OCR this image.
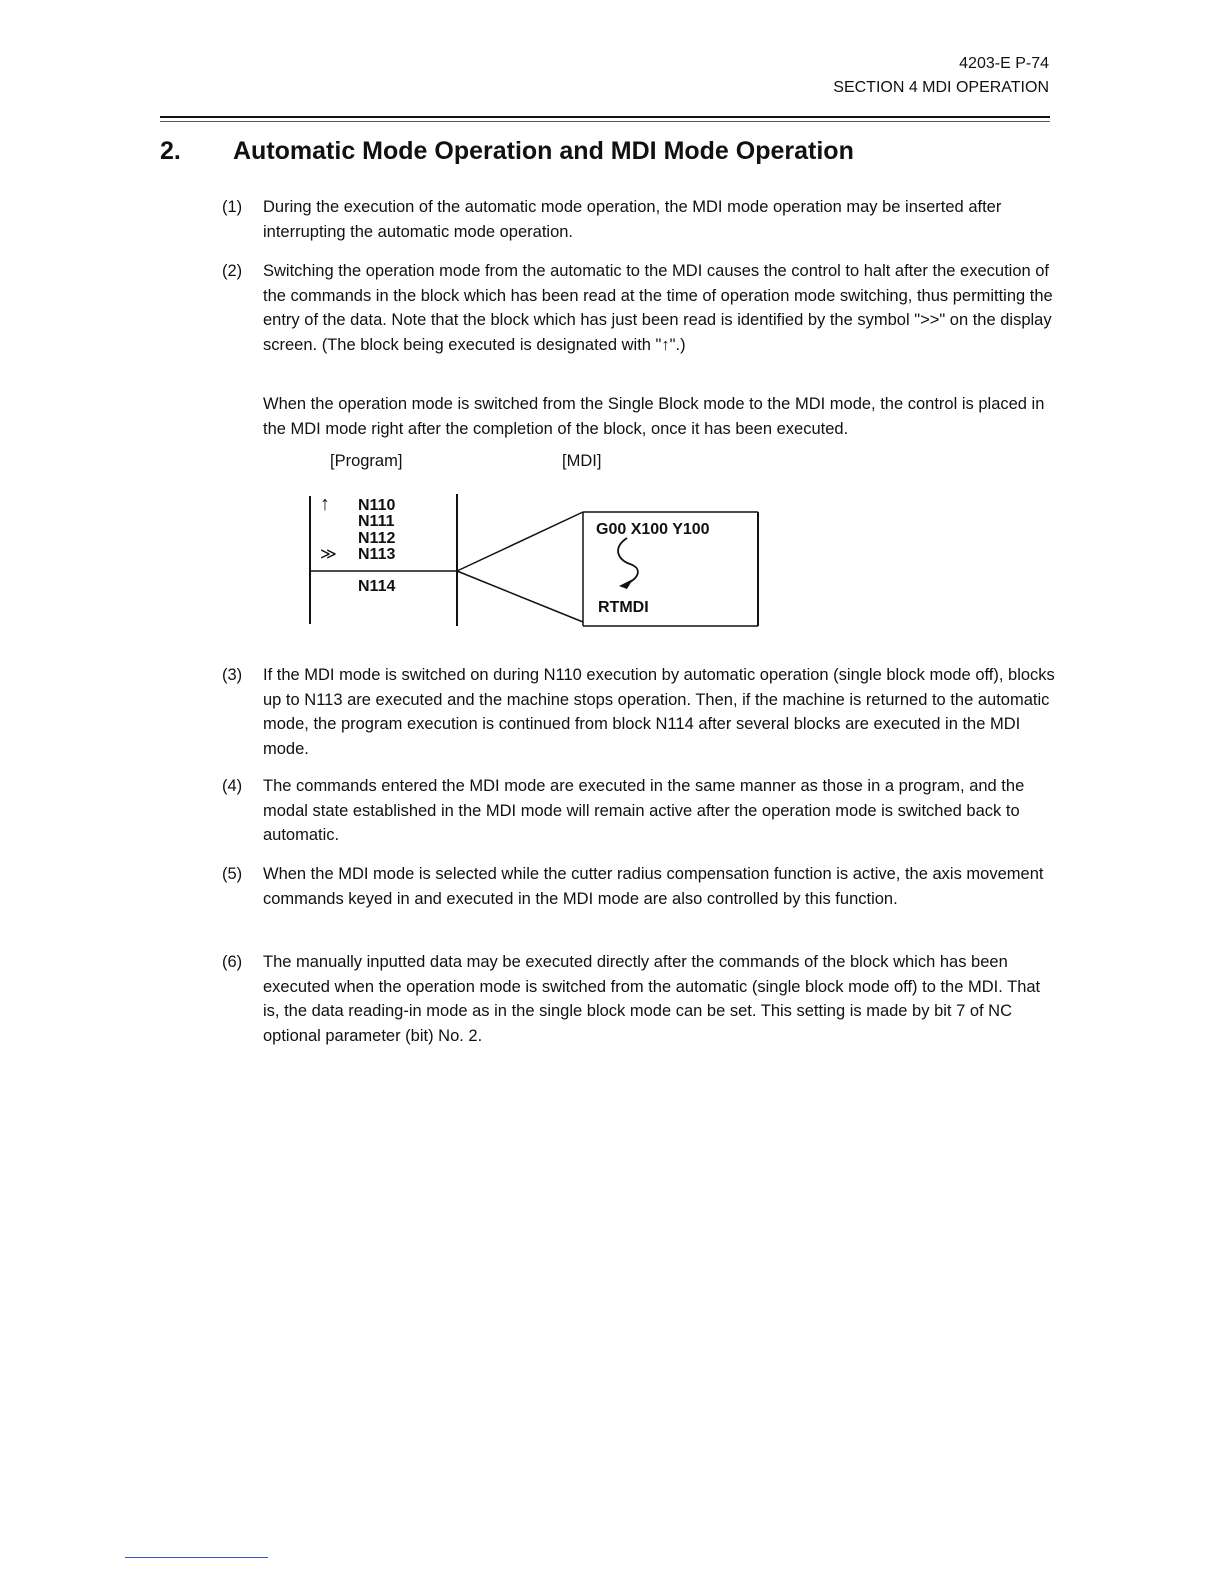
4203-E P-74
SECTION 4 MDI OPERATION
2. Automatic Mode Operation and MDI Mode Operation
(1) During the execution of the automatic mode operation, the MDI mode operation may be inserted after interrupting the automatic mode operation.
(2) Switching the operation mode from the automatic to the MDI causes the control to halt after the execution of the commands in the block which has been read at the time of operation mode switching, thus permitting the entry of the data. Note that the block which has just been read is identified by the symbol ">>" on the display screen. (The block being executed is designated with "↑".)
When the operation mode is switched from the Single Block mode to the MDI mode, the control is placed in the MDI mode right after the completion of the block, once it has been executed.
[Program]	[MDI]
↑ N110
N111
N112
≫ N113
N114
G00 X100 Y100
RTMDI
(3) If the MDI mode is switched on during N110 execution by automatic operation (single block mode off), blocks up to N113 are executed and the machine stops operation. Then, if the machine is returned to the automatic mode, the program execution is continued from block N114 after several blocks are executed in the MDI mode.
(4) The commands entered the MDI mode are executed in the same manner as those in a program, and the modal state established in the MDI mode will remain active after the operation mode is switched back to automatic.
(5) When the MDI mode is selected while the cutter radius compensation function is active, the axis movement commands keyed in and executed in the MDI mode are also controlled by this function.
(6) The manually inputted data may be executed directly after the commands of the block which has been executed when the operation mode is switched from the automatic (single block mode off) to the MDI. That is, the data reading-in mode as in the single block mode can be set. This setting is made by bit 7 of NC optional parameter (bit) No. 2.
